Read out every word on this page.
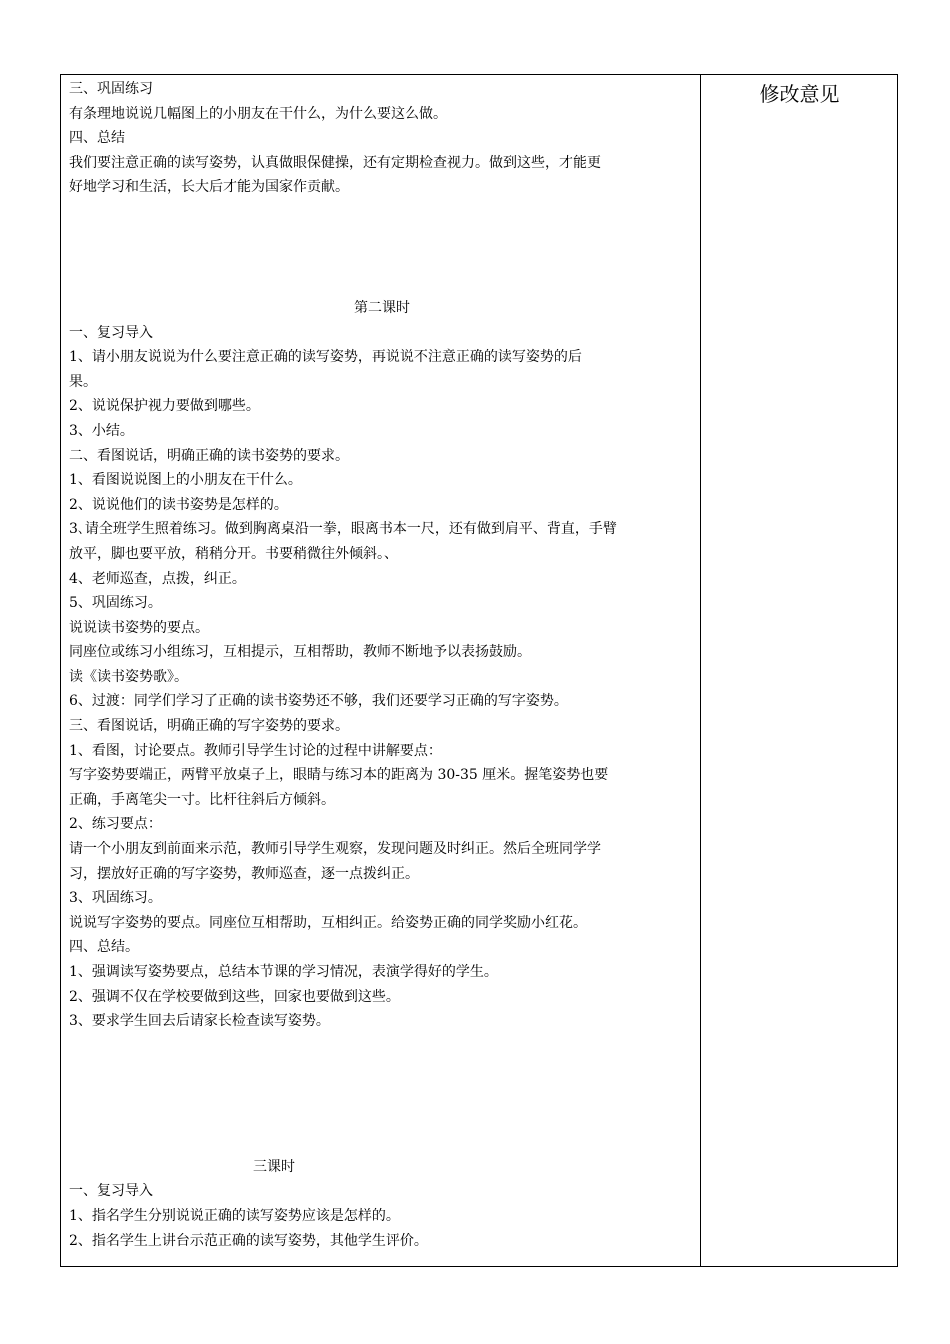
三、巩固练习
有条理地说说几幅图上的小朋友在干什么，为什么要这么做。
四、总结
我们要注意正确的读写姿势，认真做眼保健操，还有定期检查视力。做到这些，才能更
好地学习和生活，长大后才能为国家作贡献。
第二课时
一、复习导入
1、请小朋友说说为什么要注意正确的读写姿势，再说说不注意正确的读写姿势的后
果。
2、说说保护视力要做到哪些。
3、小结。
二、看图说话，明确正确的读书姿势的要求。
1、看图说说图上的小朋友在干什么。
2、说说他们的读书姿势是怎样的。
3､请全班学生照着练习。做到胸离桌沿一拳，眼离书本一尺，还有做到肩平、背直，手臂
放平，脚也要平放，稍稍分开。书要稍微往外倾斜。、
4、老师巡查，点拨，纠正。
5、巩固练习。
说说读书姿势的要点。
同座位或练习小组练习，互相提示，互相帮助，教师不断地予以表扬鼓励。
读《读书姿势歌》。
6、过渡：同学们学习了正确的读书姿势还不够，我们还要学习正确的写字姿势。
三、看图说话，明确正确的写字姿势的要求。
1、看图，讨论要点。教师引导学生讨论的过程中讲解要点：
写字姿势要端正，两臂平放桌子上，眼睛与练习本的距离为 30-35 厘米。握笔姿势也要
正确，手离笔尖一寸。比杆往斜后方倾斜。
2、练习要点：
请一个小朋友到前面来示范，教师引导学生观察，发现问题及时纠正。然后全班同学学
习，摆放好正确的写字姿势，教师巡查，逐一点拨纠正。
3、巩固练习。
说说写字姿势的要点。同座位互相帮助，互相纠正。给姿势正确的同学奖励小红花。
四、总结。
1、强调读写姿势要点，总结本节课的学习情况，表演学得好的学生。
2、强调不仅在学校要做到这些，回家也要做到这些。
3、要求学生回去后请家长检查读写姿势。
三课时
一、复习导入
1、指名学生分别说说正确的读写姿势应该是怎样的。
2、指名学生上讲台示范正确的读写姿势，其他学生评价。
修改意见
